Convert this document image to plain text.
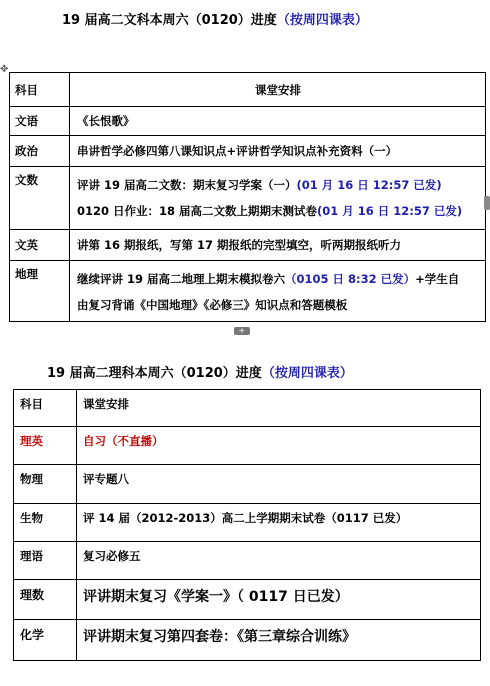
✥
19 届高二文科本周六（0120）进度（按周四课表）
科目	课堂安排
文语	《长恨歌》
政治	串讲哲学必修四第八课知识点+评讲哲学知识点补充资料（一）
文数	评讲 19 届高二文数：期末复习学案（一）(01 月 16 日 12:57 已发)
0120 日作业：18 届高二文数上期期末测试卷(01 月 16 日 12:57 已发)

文英	讲第 16 期报纸，写第 17 期报纸的完型填空，听两期报纸听力
地理	继续评讲 19 届高二地理上期末模拟卷六（0105 日 8:32 已发）+学生自
由复习背诵《中国地理》《必修三》知识点和答题模板
+
19 届高二理科本周六（0120）进度（按周四课表）
科目	课堂安排
理英	自习（不直播）
物理	评专题八
生物	评 14 届（2012-2013）高二上学期期末试卷（0117 已发）
理语	复习必修五
理数	评讲期末复习《学案一》（ 0117 日已发）
化学	评讲期末复习第四套卷：《第三章综合训练》
